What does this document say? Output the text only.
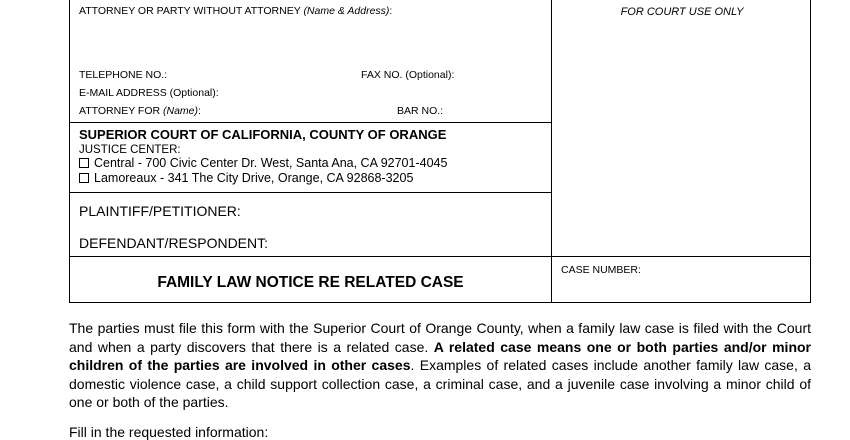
ATTORNEY OR PARTY WITHOUT ATTORNEY (Name & Address):
TELEPHONE NO.:	FAX NO. (Optional):
E-MAIL ADDRESS (Optional):
ATTORNEY FOR (Name):	BAR NO.:
SUPERIOR COURT OF CALIFORNIA, COUNTY OF ORANGE
JUSTICE CENTER:
Central - 700 Civic Center Dr. West, Santa Ana, CA 92701-4045
Lamoreaux - 341 The City Drive, Orange, CA 92868-3205
PLAINTIFF/PETITIONER:
DEFENDANT/RESPONDENT:
FAMILY LAW NOTICE RE RELATED CASE
FOR COURT USE ONLY
CASE NUMBER:
The parties must file this form with the Superior Court of Orange County, when a family law case is filed with the Court and when a party discovers that there is a related case. A related case means one or both parties and/or minor children of the parties are involved in other cases. Examples of related cases include another family law case, a domestic violence case, a child support collection case, a criminal case, and a juvenile case involving a minor child of one or both of the parties.
Fill in the requested information:
